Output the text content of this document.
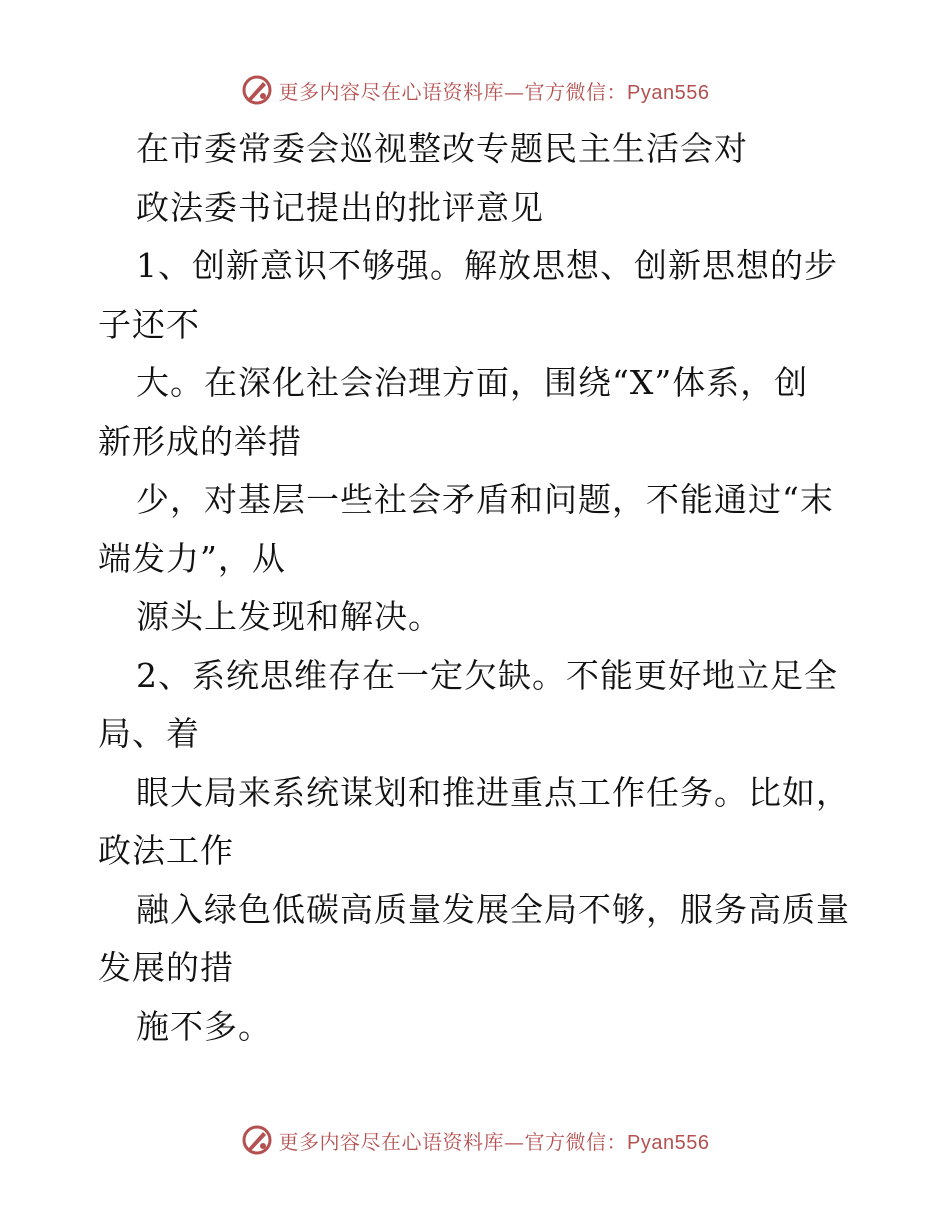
更多内容尽在心语资料库—官方微信：Pyan556
在市委常委会巡视整改专题民主生活会对
政法委书记提出的批评意见
1、创新意识不够强。解放思想、创新思想的步
子还不
大。在深化社会治理方面，围绕“X”体系，创
新形成的举措
少，对基层一些社会矛盾和问题，不能通过“末
端发力”，从
源头上发现和解决。
2、系统思维存在一定欠缺。不能更好地立足全
局、着
眼大局来系统谋划和推进重点工作任务。比如，
政法工作
融入绿色低碳高质量发展全局不够，服务高质量
发展的措
施不多。
更多内容尽在心语资料库—官方微信：Pyan556
